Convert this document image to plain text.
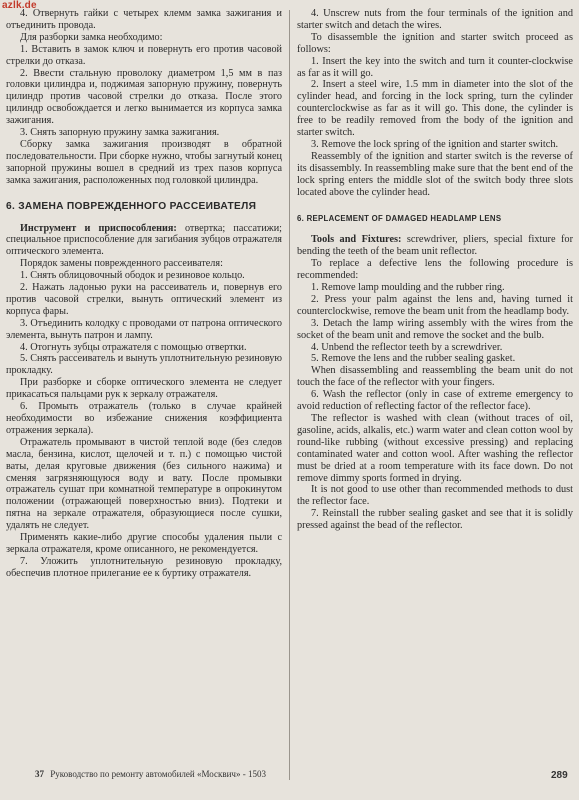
azlk.de

4. Отвернуть гайки с четырех клемм замка зажигания и отъединить провода.

Для разборки замка необходимо:

1. Вставить в замок ключ и повернуть его против часовой стрелки до отказа.

2. Ввести стальную проволоку диаметром 1,5 мм в паз головки цилиндра и, поджимая запорную пружину, повернуть цилиндр против часовой стрелки до отказа. После этого цилиндр освобождается и легко вынимается из корпуса замка зажигания.

3. Снять запорную пружину замка зажигания.

Сборку замка зажигания производят в обратной последовательности. При сборке нужно, чтобы загнутый конец запорной пружины вошел в средний из трех пазов корпуса замка зажигания, расположенных под головкой цилиндра.

6. ЗАМЕНА ПОВРЕЖДЕННОГО РАССЕИВАТЕЛЯ

Инструмент и приспособления: отвертка; пассатижи; специальное приспособление для загибания зубцов отражателя оптического элемента.

Порядок замены поврежденного рассеивателя:

1. Снять облицовочный ободок и резиновое кольцо.

2. Нажать ладонью руки на рассеиватель и, повернув его против часовой стрелки, вынуть оптический элемент из корпуса фары.

3. Отъединить колодку с проводами от патрона оптического элемента, вынуть патрон и лампу.

4. Отогнуть зубцы отражателя с помощью отвертки.

5. Снять рассеиватель и вынуть уплотнительную резиновую прокладку.

При разборке и сборке оптического элемента не следует прикасаться пальцами рук к зеркалу отражателя.

6. Промыть отражатель (только в случае крайней необходимости во избежание снижения коэффициента отражения зеркала).

Отражатель промывают в чистой теплой воде (без следов масла, бензина, кислот, щелочей и т. п.) с помощью чистой ваты, делая круговые движения (без сильного нажима) и сменяя загрязняющуюся воду и вату. После промывки отражатель сушат при комнатной температуре в опрокинутом положении (отражающей поверхностью вниз). Подтеки и пятна на зеркале отражателя, образующиеся после сушки, удалять не следует.

Применять какие-либо другие способы удаления пыли с зеркала отражателя, кроме описанного, не рекомендуется.

7. Уложить уплотнительную резиновую прокладку, обеспечив плотное прилегание ее к буртику отражателя.

4. Unscrew nuts from the four terminals of the ignition and starter switch and detach the wires.

To disassemble the ignition and starter switch proceed as follows:

1. Insert the key into the switch and turn it counter-clockwise as far as it will go.

2. Insert a steel wire, 1.5 mm in diameter into the slot of the cylinder head, and forcing in the lock spring, turn the cylinder counterclockwise as far as it will go. This done, the cylinder is free to be readily removed from the body of the ignition and starter switch.

3. Remove the lock spring of the ignition and starter switch.

Reassembly of the ignition and starter switch is the reverse of its disassembly. In reassembling make sure that the bent end of the lock spring enters the middle slot of the switch body three slots located above the cylinder head.

6. REPLACEMENT OF DAMAGED HEADLAMP LENS

Tools and Fixtures: screwdriver, pliers, special fixture for bending the teeth of the beam unit reflector.

To replace a defective lens the following procedure is recommended:

1. Remove lamp moulding and the rubber ring.

2. Press your palm against the lens and, having turned it counterclockwise, remove the beam unit from the headlamp body.

3. Detach the lamp wiring assembly with the wires from the socket of the beam unit and remove the socket and the bulb.

4. Unbend the reflector teeth by a screwdriver.

5. Remove the lens and the rubber sealing gasket.

When disassembling and reassembling the beam unit do not touch the face of the reflector with your fingers.

6. Wash the reflector (only in case of extreme emergency to avoid reduction of reflecting factor of the reflector face).

The reflector is washed with clean (without traces of oil, gasoline, acids, alkalis, etc.) warm water and clean cotton wool by round-like rubbing (without excessive pressing) and replacing contaminated water and cotton wool. After washing the reflector must be dried at a room temperature with its face down. Do not remove dimmy sports formed in drying.

It is not good to use other than recommended methods to dust the reflector face.

7. Reinstall the rubber sealing gasket and see that it is solidly pressed against the bead of the reflector.

37 Руководство по ремонту автомобилей «Москвич» - 1503	289
